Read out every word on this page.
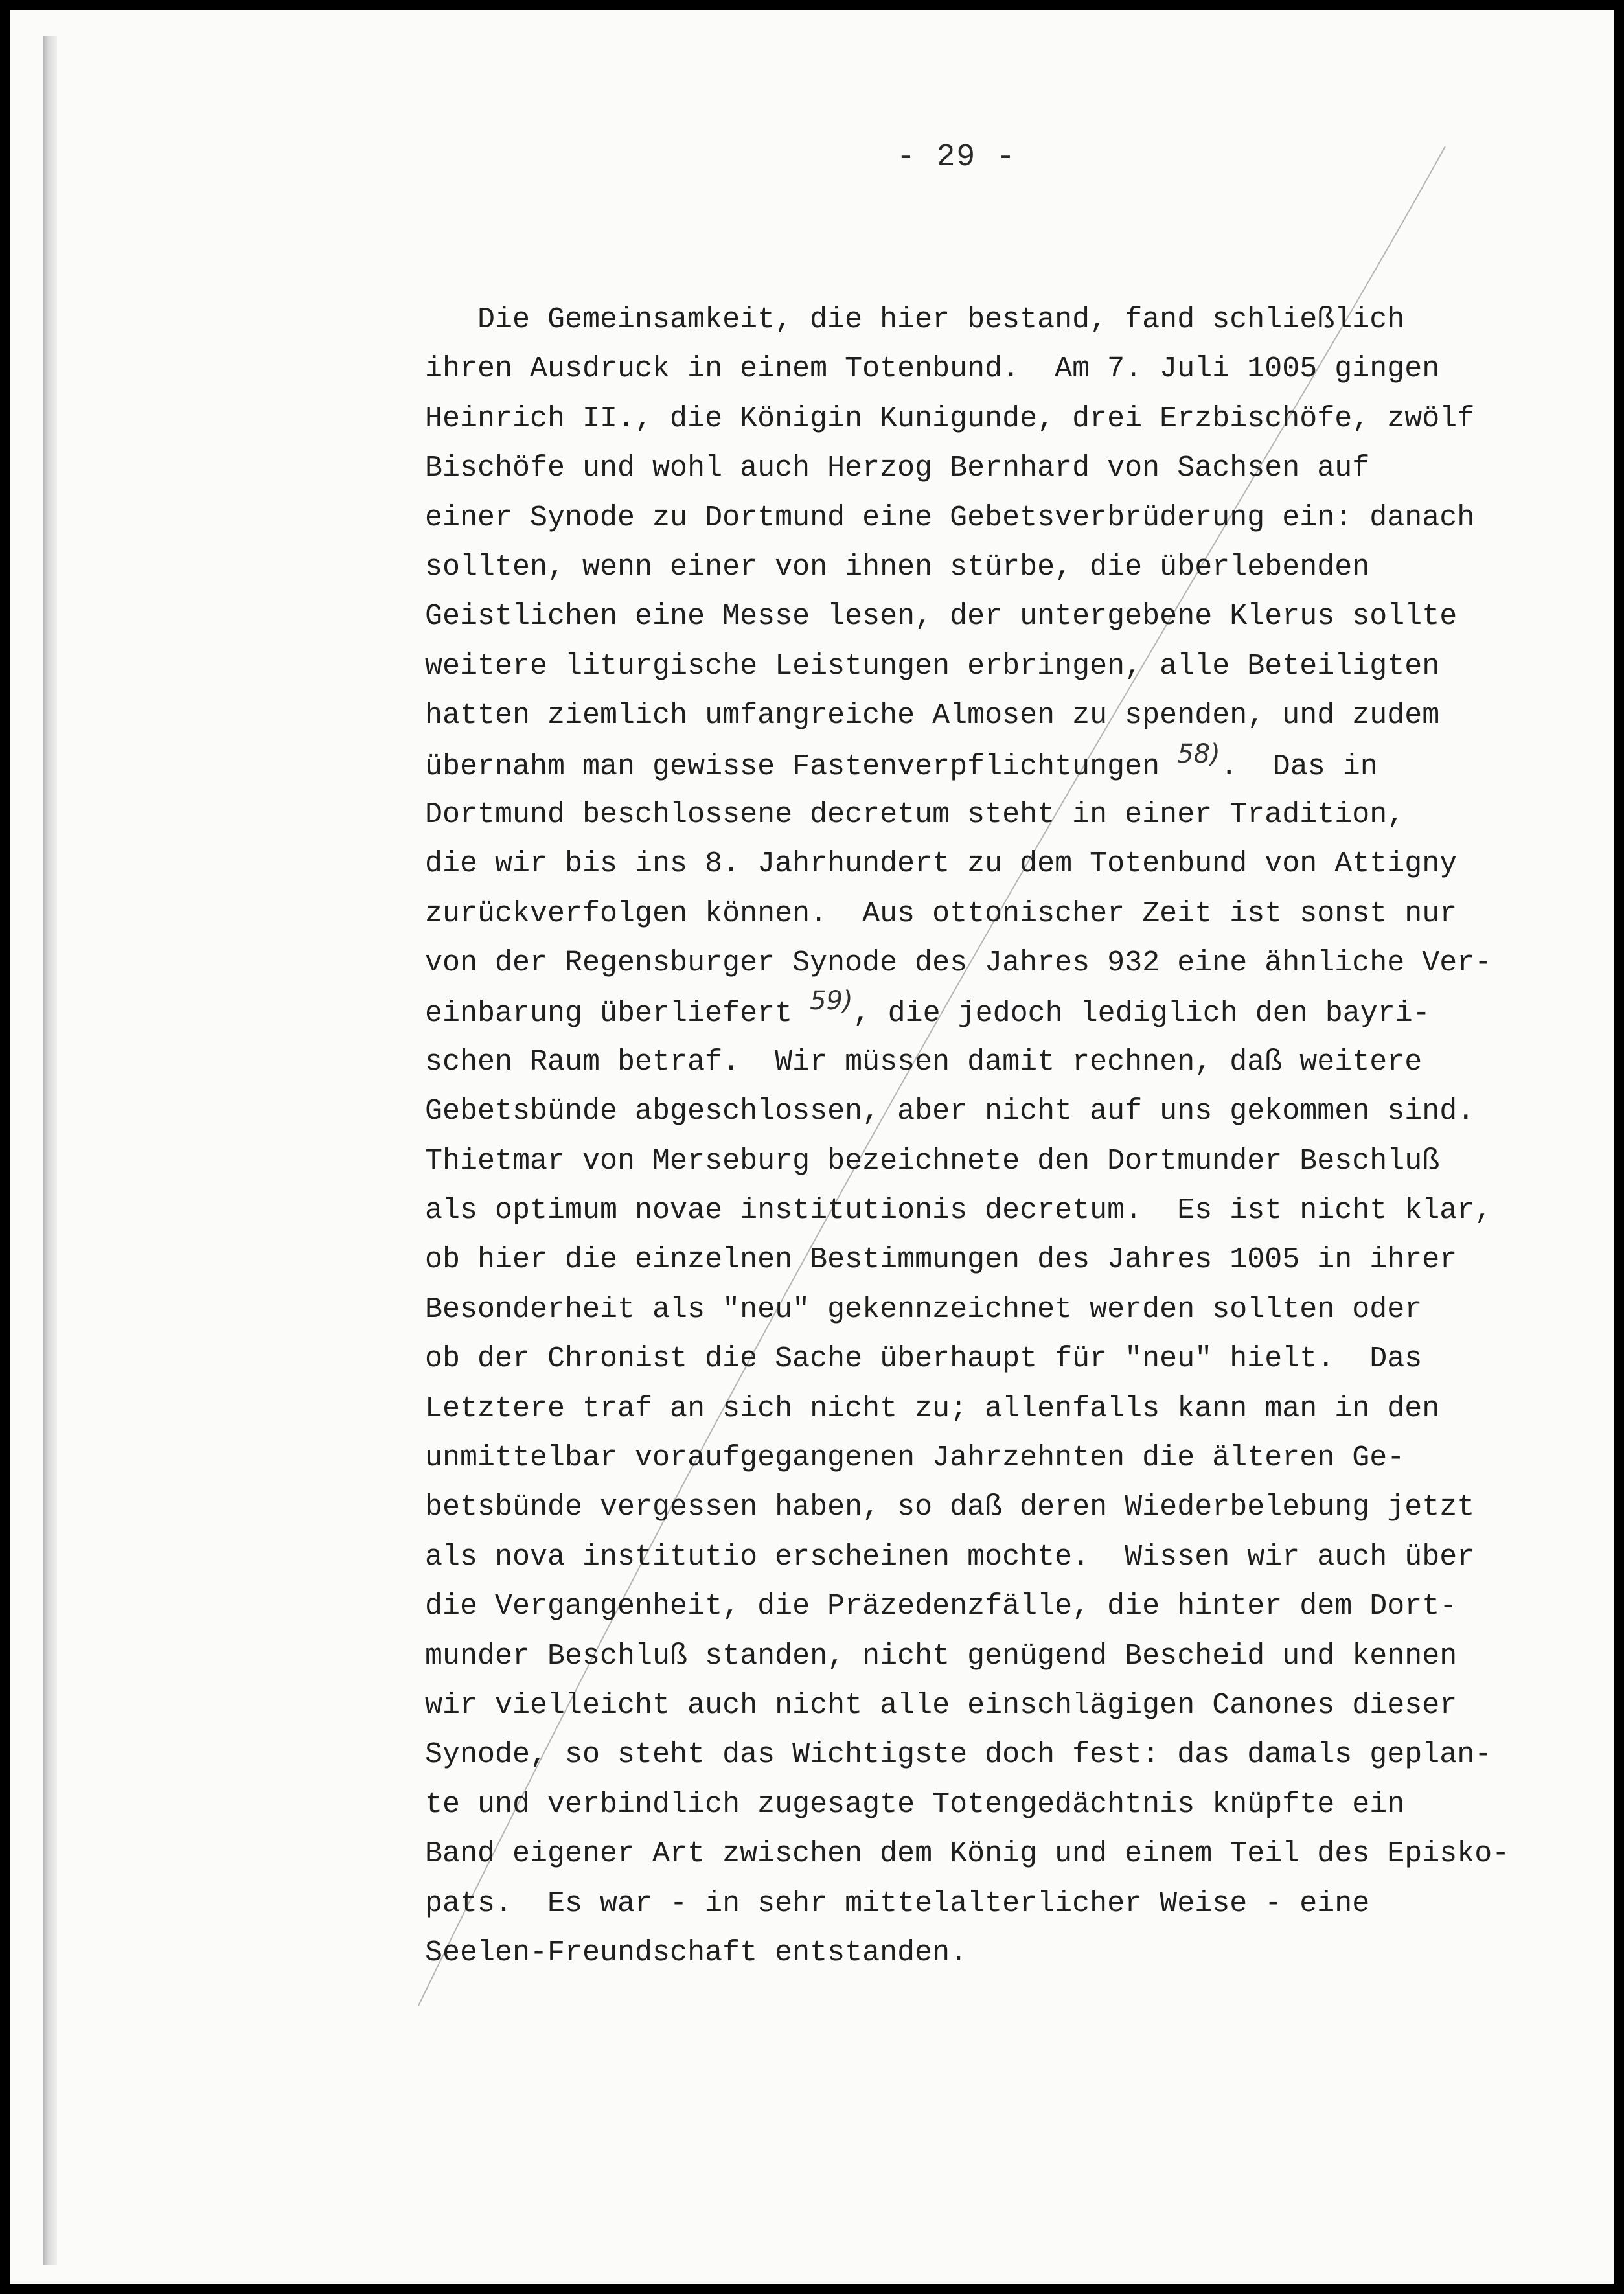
- 29 -
Die Gemeinsamkeit, die hier bestand, fand schließlich
ihren Ausdruck in einem Totenbund.  Am 7. Juli 1005 gingen
Heinrich II., die Königin Kunigunde, drei Erzbischöfe, zwölf
Bischöfe und wohl auch Herzog Bernhard von Sachsen auf
einer Synode zu Dortmund eine Gebetsverbrüderung ein: danach
sollten, wenn einer von ihnen stürbe, die überlebenden
Geistlichen eine Messe lesen, der untergebene Klerus sollte
weitere liturgische Leistungen erbringen, alle Beteiligten
hatten ziemlich umfangreiche Almosen zu spenden, und zudem
übernahm man gewisse Fastenverpflichtungen 58).  Das in
Dortmund beschlossene decretum steht in einer Tradition,
die wir bis ins 8. Jahrhundert zu dem Totenbund von Attigny
zurückverfolgen können.  Aus ottonischer Zeit ist sonst nur
von der Regensburger Synode des Jahres 932 eine ähnliche Ver-
einbarung überliefert 59), die jedoch lediglich den bayri-
schen Raum betraf.  Wir müssen damit rechnen, daß weitere
Gebetsbünde abgeschlossen, aber nicht auf uns gekommen sind.
Thietmar von Merseburg bezeichnete den Dortmunder Beschluß
als optimum novae institutionis decretum.  Es ist nicht klar,
ob hier die einzelnen Bestimmungen des Jahres 1005 in ihrer
Besonderheit als "neu" gekennzeichnet werden sollten oder
ob der Chronist die Sache überhaupt für "neu" hielt.  Das
Letztere traf an sich nicht zu; allenfalls kann man in den
unmittelbar voraufgegangenen Jahrzehnten die älteren Ge-
betsbünde vergessen haben, so daß deren Wiederbelebung jetzt
als nova institutio erscheinen mochte.  Wissen wir auch über
die Vergangenheit, die Präzedenzfälle, die hinter dem Dort-
munder Beschluß standen, nicht genügend Bescheid und kennen
wir vielleicht auch nicht alle einschlägigen Canones dieser
Synode, so steht das Wichtigste doch fest: das damals geplan-
te und verbindlich zugesagte Totengedächtnis knüpfte ein
Band eigener Art zwischen dem König und einem Teil des Episko-
pats.  Es war - in sehr mittelalterlicher Weise - eine
Seelen-Freundschaft entstanden.
